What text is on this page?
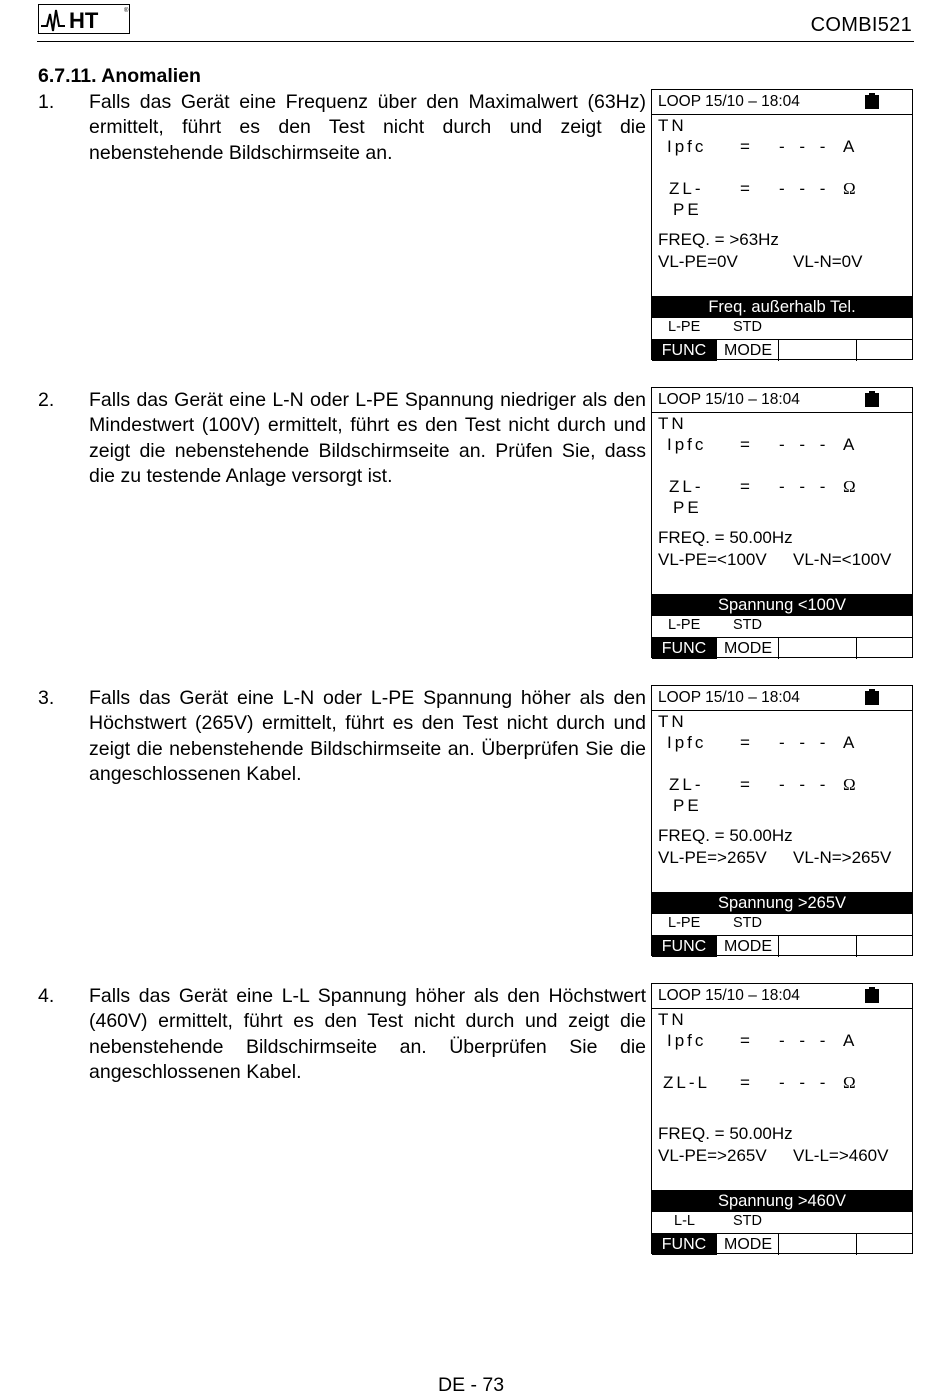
HT	®
COMBI521
6.7.11. Anomalien
1. Falls das Gerät eine Frequenz über den Maximalwert (63Hz) ermittelt, führt es den Test nicht durch und zeigt die nebenstehende Bildschirmseite an.
LOOP 15/10 – 18:04
TN
Ipfc = - - - A
ZL-
PE
= - - - Ω
FREQ. = >63Hz
VL-PE=0V	VL-N=0V
Freq. außerhalb Tel.
L-PE STD
FUNC	MODE
2. Falls das Gerät eine L-N oder L-PE Spannung niedriger als den Mindestwert (100V) ermittelt, führt es den Test nicht durch und zeigt die nebenstehende Bildschirmseite an. Prüfen Sie, dass die zu testende Anlage versorgt ist.
LOOP 15/10 – 18:04
TN
Ipfc = - - - A
ZL-
PE
= - - - Ω
FREQ. = 50.00Hz
VL-PE=<100V VL-N=<100V
Spannung <100V
L-PE STD
FUNC	MODE
3. Falls das Gerät eine L-N oder L-PE Spannung höher als den Höchstwert (265V) ermittelt, führt es den Test nicht durch und zeigt die nebenstehende Bildschirmseite an. Überprüfen Sie die angeschlossenen Kabel.
LOOP 15/10 – 18:04
TN
Ipfc = - - - A
ZL-
PE
= - - - Ω
FREQ. = 50.00Hz
VL-PE=>265V VL-N=>265V
Spannung >265V
L-PE STD
FUNC	MODE
4. Falls das Gerät eine L-L Spannung höher als den Höchstwert (460V) ermittelt, führt es den Test nicht durch und zeigt die nebenstehende Bildschirmseite an. Überprüfen Sie die angeschlossenen Kabel.
LOOP 15/10 – 18:04
TN
Ipfc = - - - A
ZL-L = - - - Ω
FREQ. = 50.00Hz
VL-PE=>265V VL-L=>460V
Spannung >460V
L-L	STD
FUNC	MODE
DE - 73
